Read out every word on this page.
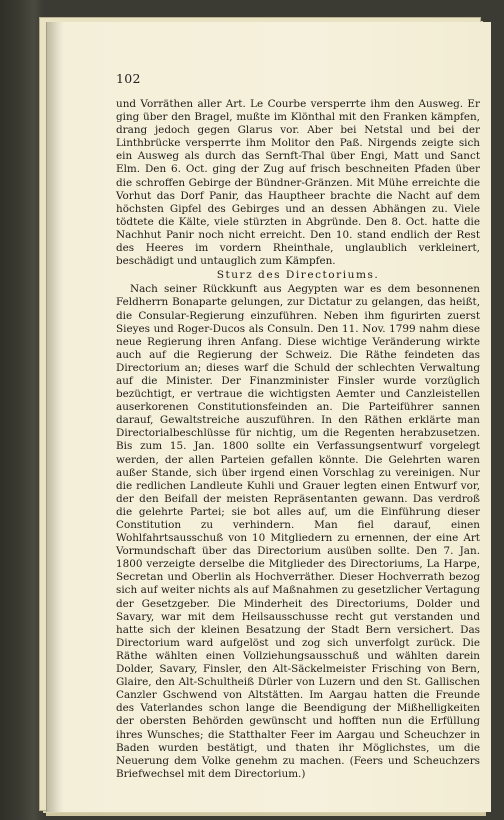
102

und Vorräthen aller Art. Le Courbe versperrte ihm den Ausweg. Er ging über den Bragel, mußte im Klönthal mit den Franken kämpfen, drang jedoch gegen Glarus vor. Aber bei Netstal und bei der Linthbrücke versperrte ihm Molitor den Paß. Nirgends zeigte sich ein Ausweg als durch das Sernft-Thal über Engi, Matt und Sanct Elm. Den 6. Oct. ging der Zug auf frisch beschneiten Pfaden über die schroffen Gebirge der Bündner-Gränzen. Mit Mühe erreichte die Vorhut das Dorf Panir, das Hauptheer brachte die Nacht auf dem höchsten Gipfel des Gebirges und an dessen Abhängen zu. Viele tödtete die Kälte, viele stürzten in Abgründe. Den 8. Oct. hatte die Nachhut Panir noch nicht erreicht. Den 10. stand endlich der Rest des Heeres im vordern Rheinthale, unglaublich verkleinert, beschädigt und untauglich zum Kämpfen.

Sturz des Directoriums.

Nach seiner Rückkunft aus Aegypten war es dem besonnenen Feldherrn Bonaparte gelungen, zur Dictatur zu gelangen, das heißt, die Consular-Regierung einzuführen. Neben ihm figurirten zuerst Sieyes und Roger-Ducos als Consuln. Den 11. Nov. 1799 nahm diese neue Regierung ihren Anfang. Diese wichtige Veränderung wirkte auch auf die Regierung der Schweiz. Die Räthe feindeten das Directorium an; dieses warf die Schuld der schlechten Verwaltung auf die Minister. Der Finanzminister Finsler wurde vorzüglich bezüchtigt, er vertraue die wichtigsten Aemter und Canzleistellen auserkorenen Constitutionsfeinden an. Die Parteiführer sannen darauf, Gewaltstreiche auszuführen. In den Räthen erklärte man Directorialbeschlüsse für nichtig, um die Regenten herabzusetzen. Bis zum 15. Jan. 1800 sollte ein Verfassungsentwurf vorgelegt werden, der allen Parteien gefallen könnte. Die Gelehrten waren außer Stande, sich über irgend einen Vorschlag zu vereinigen. Nur die redlichen Landleute Kuhli und Grauer legten einen Entwurf vor, der den Beifall der meisten Repräsentanten gewann. Das verdroß die gelehrte Partei; sie bot alles auf, um die Einführung dieser Constitution zu verhindern. Man fiel darauf, einen Wohlfahrtsausschuß von 10 Mitgliedern zu ernennen, der eine Art Vormundschaft über das Directorium ausüben sollte. Den 7. Jan. 1800 verzeigte derselbe die Mitglieder des Directoriums, La Harpe, Secretan und Oberlin als Hochverräther. Dieser Hochverrath bezog sich auf weiter nichts als auf Maßnahmen zu gesetzlicher Vertagung der Gesetzgeber. Die Minderheit des Directoriums, Dolder und Savary, war mit dem Heilsausschusse recht gut verstanden und hatte sich der kleinen Besatzung der Stadt Bern versichert. Das Directorium ward aufgelöst und zog sich unverfolgt zurück. Die Räthe wählten einen Vollziehungsausschuß und wählten darein Dolder, Savary, Finsler, den Alt-Säckelmeister Frisching von Bern, Glaire, den Alt-Schultheiß Dürler von Luzern und den St. Gallischen Canzler Gschwend von Altstätten. Im Aargau hatten die Freunde des Vaterlandes schon lange die Beendigung der Mißhelligkeiten der obersten Behörden gewünscht und hofften nun die Erfüllung ihres Wunsches; die Statthalter Feer im Aargau und Scheuchzer in Baden wurden bestätigt, und thaten ihr Möglichstes, um die Neuerung dem Volke genehm zu machen. (Feers und Scheuchzers Briefwechsel mit dem Directorium.)
